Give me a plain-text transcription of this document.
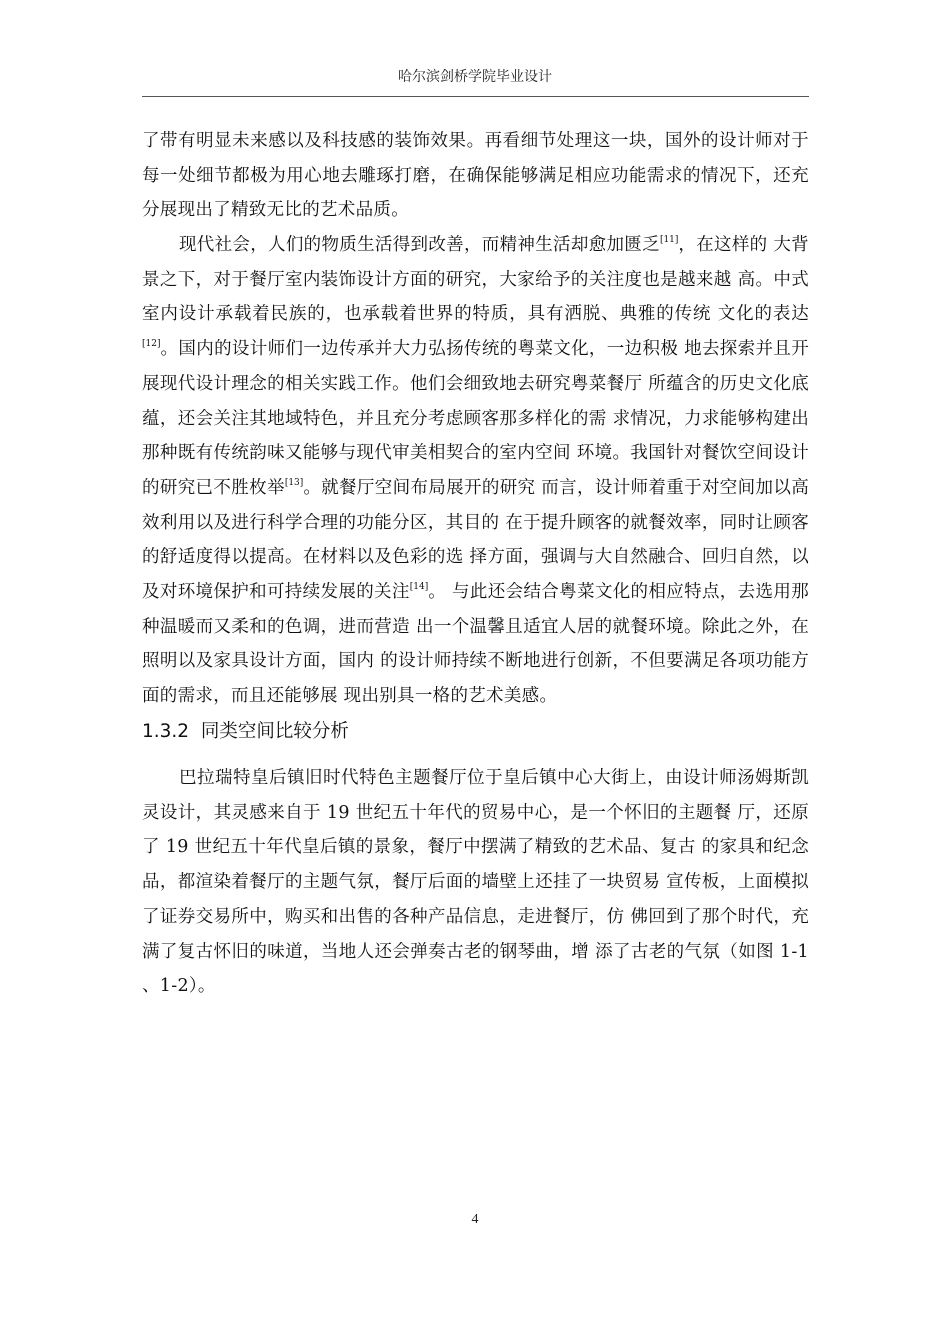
哈尔滨剑桥学院毕业设计

了带有明显未来感以及科技感的装饰效果。再看细节处理这一块，国外的设计师对于每一处细节都极为用心地去雕琢打磨，在确保能够满足相应功能需求的情况下，还充分展现出了精致无比的艺术品质。

现代社会，人们的物质生活得到改善，而精神生活却愈加匮乏[11]，在这样的 大背景之下，对于餐厅室内装饰设计方面的研究，大家给予的关注度也是越来越 高。中式室内设计承载着民族的，也承载着世界的特质，具有洒脱、典雅的传统 文化的表达[12]。国内的设计师们一边传承并大力弘扬传统的粤菜文化，一边积极 地去探索并且开展现代设计理念的相关实践工作。他们会细致地去研究粤菜餐厅 所蕴含的历史文化底蕴，还会关注其地域特色，并且充分考虑顾客那多样化的需 求情况，力求能够构建出那种既有传统韵味又能够与现代审美相契合的室内空间 环境。我国针对餐饮空间设计的研究已不胜枚举[13]。就餐厅空间布局展开的研究 而言，设计师着重于对空间加以高效利用以及进行科学合理的功能分区，其目的 在于提升顾客的就餐效率，同时让顾客的舒适度得以提高。在材料以及色彩的选 择方面，强调与大自然融合、回归自然，以及对环境保护和可持续发展的关注[14]。 与此还会结合粤菜文化的相应特点，去选用那种温暖而又柔和的色调，进而营造 出一个温馨且适宜人居的就餐环境。除此之外，在照明以及家具设计方面，国内 的设计师持续不断地进行创新，不但要满足各项功能方面的需求，而且还能够展 现出别具一格的艺术美感。

1.3.2 同类空间比较分析

巴拉瑞特皇后镇旧时代特色主题餐厅位于皇后镇中心大街上，由设计师汤姆斯凯灵设计，其灵感来自于 19 世纪五十年代的贸易中心，是一个怀旧的主题餐 厅，还原了 19 世纪五十年代皇后镇的景象，餐厅中摆满了精致的艺术品、复古 的家具和纪念品，都渲染着餐厅的主题气氛，餐厅后面的墙壁上还挂了一块贸易 宣传板，上面模拟了证券交易所中，购买和出售的各种产品信息，走进餐厅，仿 佛回到了那个时代，充满了复古怀旧的味道，当地人还会弹奏古老的钢琴曲，增 添了古老的气氛（如图 1-1 、1-2）。

4
